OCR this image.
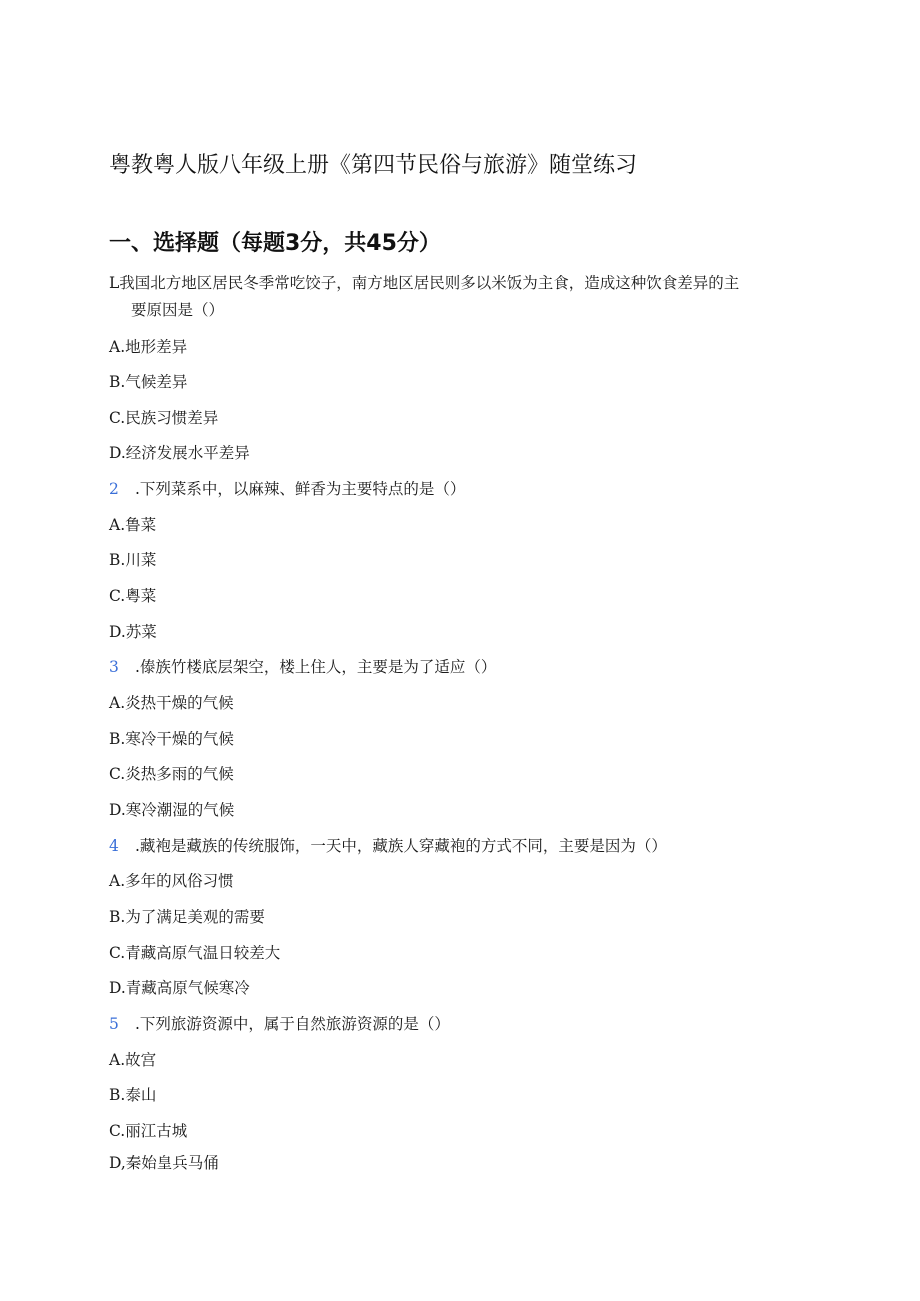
粤教粤人版八年级上册《第四节民俗与旅游》随堂练习
一、选择题（每题3分，共45分）
L我国北方地区居民冬季常吃饺子，南方地区居民则多以米饭为主食，造成这种饮食差异的主
要原因是（）
A.地形差异
B.气候差异
C.民族习惯差异
D.经济发展水平差异
2 .下列菜系中，以麻辣、鲜香为主要特点的是（）
A.鲁菜
B.川菜
C.粤菜
D.苏菜
3 .傣族竹楼底层架空，楼上住人，主要是为了适应（）
A.炎热干燥的气候
B.寒冷干燥的气候
C.炎热多雨的气候
D.寒冷潮湿的气候
4 .藏袍是藏族的传统服饰，一天中，藏族人穿藏袍的方式不同，主要是因为（）
A.多年的风俗习惯
B.为了满足美观的需要
C.青藏高原气温日较差大
D.青藏高原气候寒冷
5 .下列旅游资源中，属于自然旅游资源的是（）
A.故宫
B.泰山
C.丽江古城
D,秦始皇兵马俑
